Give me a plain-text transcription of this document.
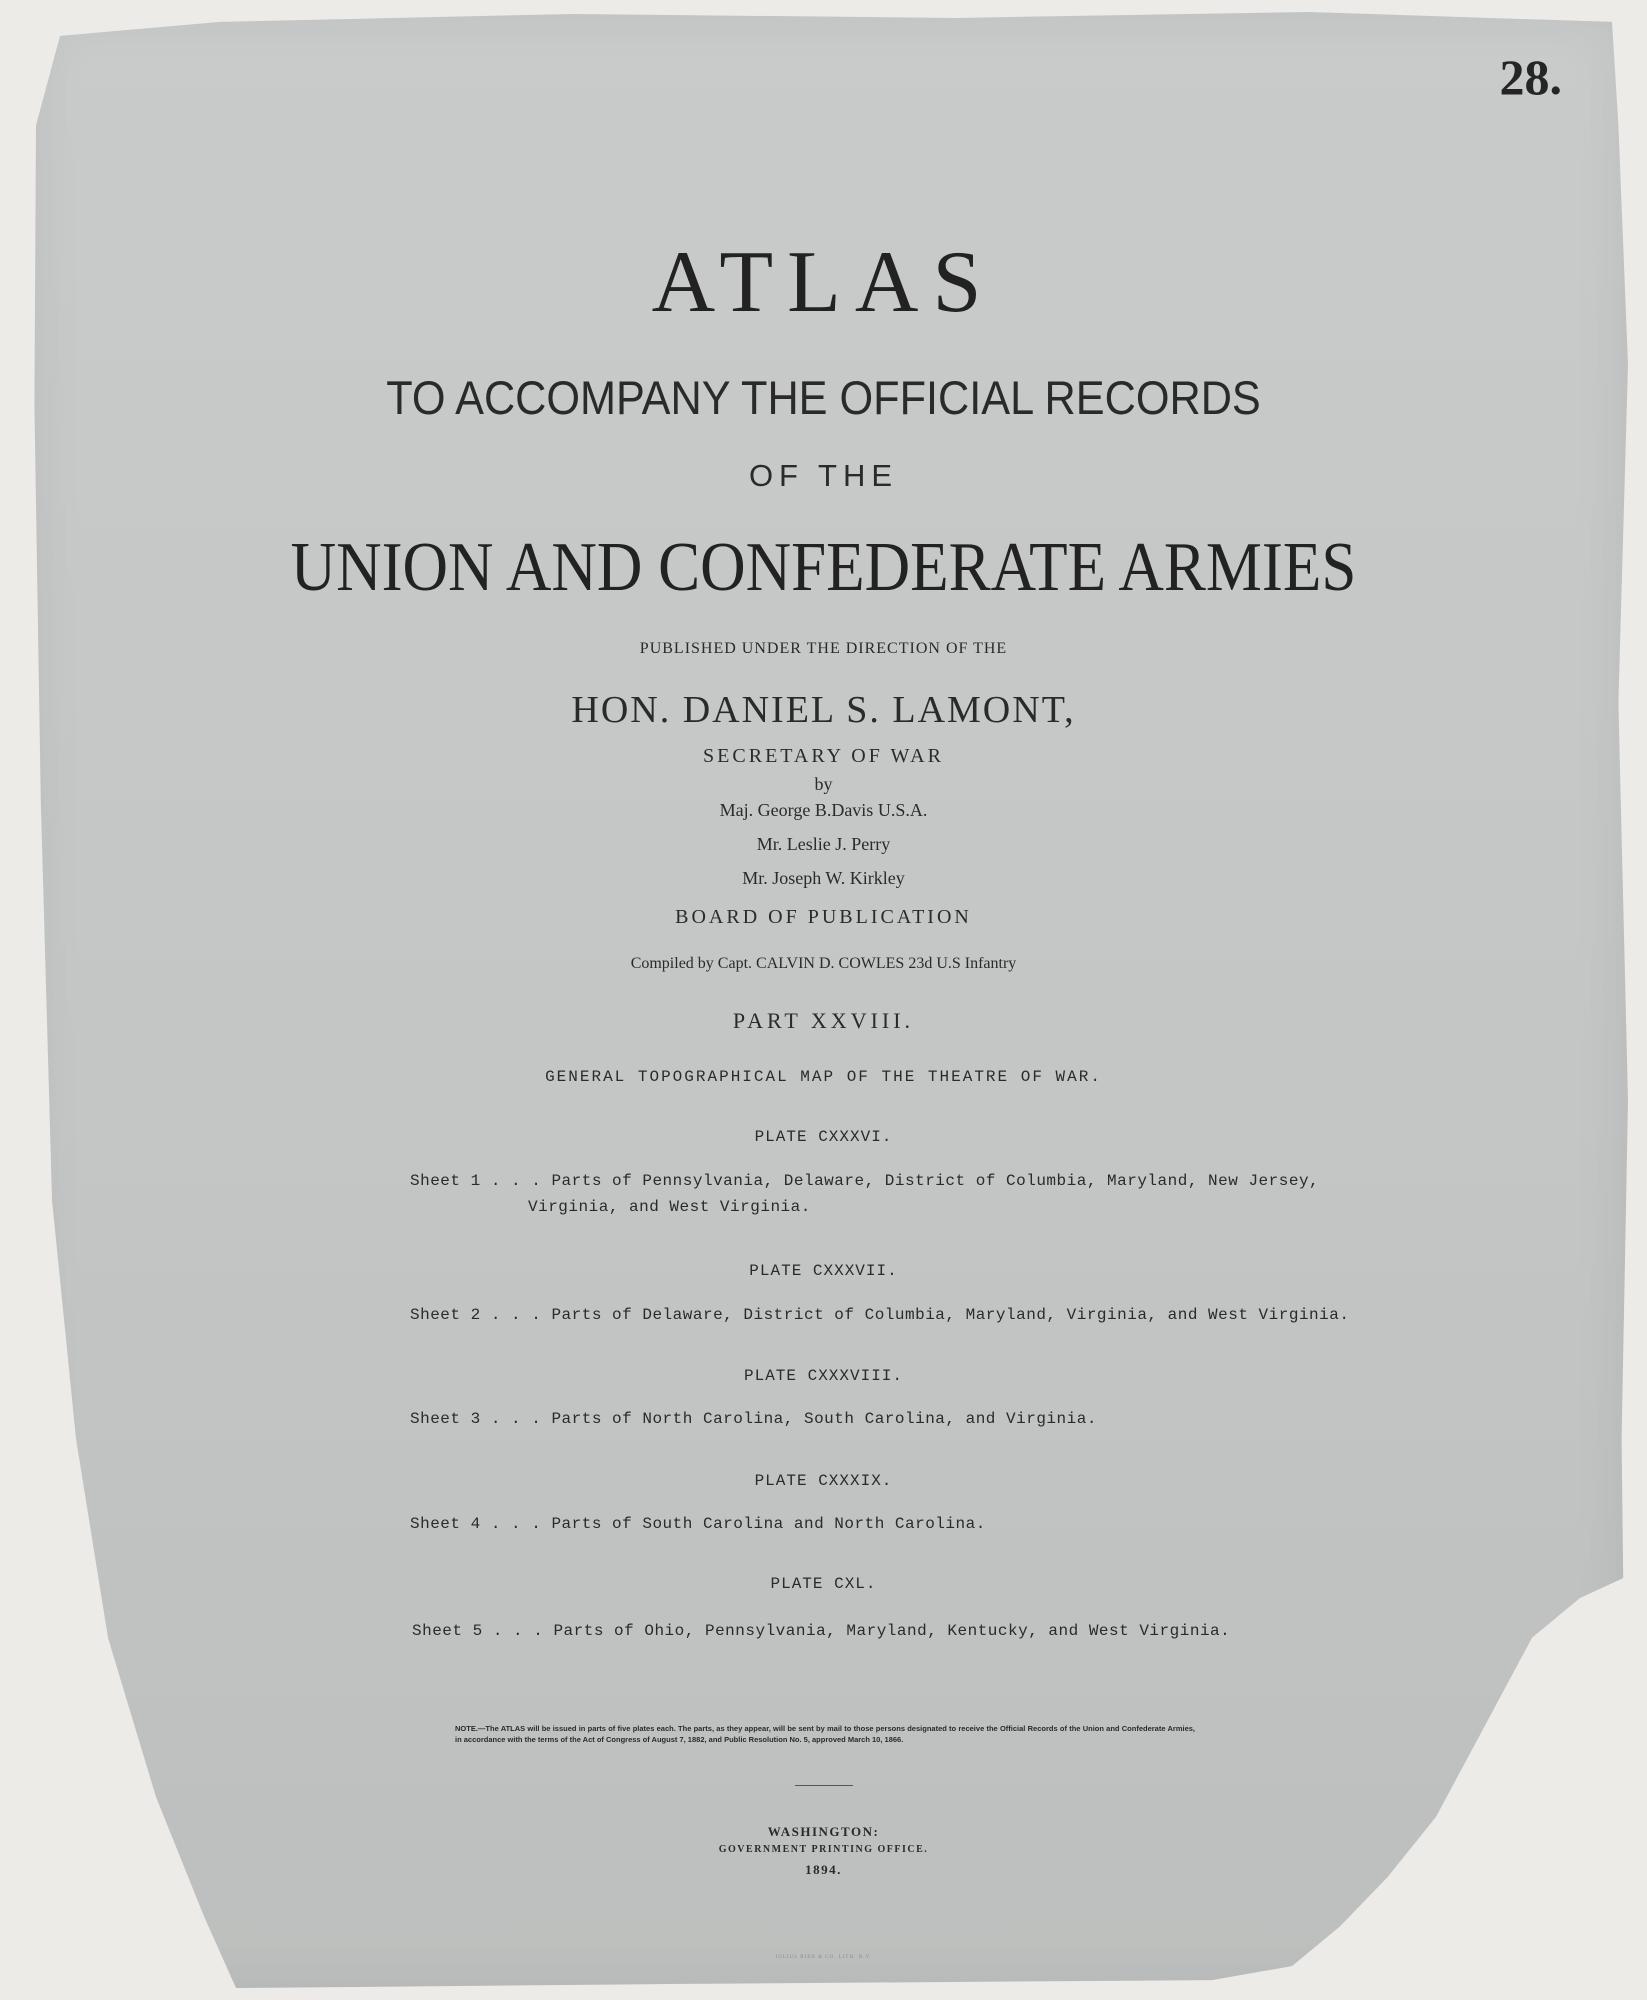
28.
ATLAS
TO ACCOMPANY THE OFFICIAL RECORDS
OF THE
UNION AND CONFEDERATE ARMIES
PUBLISHED UNDER THE DIRECTION OF THE
HON. DANIEL S. LAMONT,
SECRETARY OF WAR
by
Maj. George B.Davis U.S.A.
Mr. Leslie J. Perry
Mr. Joseph W. Kirkley
BOARD OF PUBLICATION
Compiled by Capt. CALVIN D. COWLES 23d U.S Infantry
PART XXVIII.
GENERAL TOPOGRAPHICAL MAP OF THE THEATRE OF WAR.
PLATE CXXXVI.
Sheet 1 . . . Parts of Pennsylvania, Delaware, District of Columbia, Maryland, New Jersey,
Virginia, and West Virginia.
PLATE CXXXVII.
Sheet 2 . . . Parts of Delaware, District of Columbia, Maryland, Virginia, and West Virginia.
PLATE CXXXVIII.
Sheet 3 . . . Parts of North Carolina, South Carolina, and Virginia.
PLATE CXXXIX.
Sheet 4 . . . Parts of South Carolina and North Carolina.
PLATE CXL.
Sheet 5 . . . Parts of Ohio, Pennsylvania, Maryland, Kentucky, and West Virginia.
NOTE.—The ATLAS will be issued in parts of five plates each. The parts, as they appear, will be sent by mail to those persons designated to receive the Official Records of the Union and Confederate Armies, in accordance with the terms of the Act of Congress of August 7, 1882, and Public Resolution No. 5, approved March 10, 1866.
WASHINGTON:
GOVERNMENT PRINTING OFFICE.
1894.
JULIUS BIEN & CO. LITH. N.Y.
